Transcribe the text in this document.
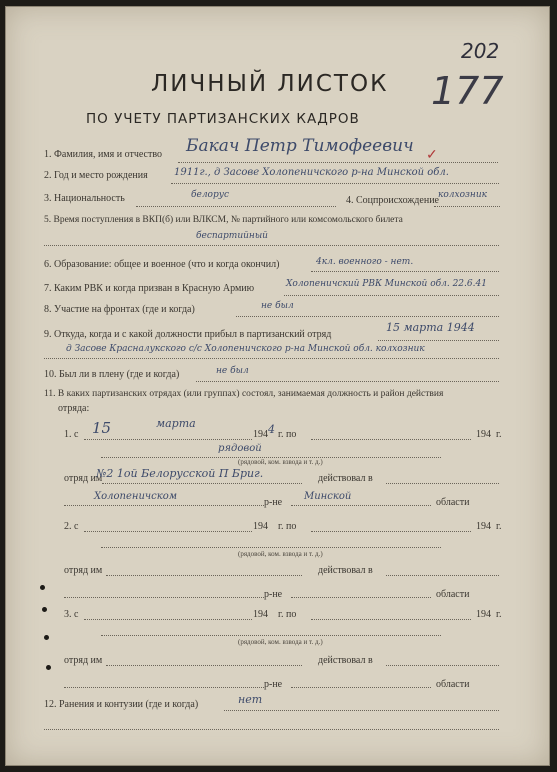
202
177
ЛИЧНЫЙ ЛИСТОК
ПО УЧЕТУ ПАРТИЗАНСКИХ КАДРОВ
1. Фамилия, имя и отчество Бакач Петр Тимофеевич ✓
2. Год и место рождения	1911г., д Засове Холопеничского р-на Минской обл.
3. Национальность	белорус	4. Соцпроисхождение колхозник
5. Время поступления в ВКП(б) или ВЛКСМ, № партийного или комсомольского билета
беспартийный
6. Образование: общее и военное (что и когда окончил)	4кл. военного - нет.
7. Каким РВК и когда призван в Красную Армию	Холопеничский РВК Минской обл. 22.6.41
8. Участие на фронтах (где и когда)	не был
9. Откуда, когда и с какой должности прибыл в партизанский отряд
15 марта 1944
д Засове Красналукского с/с Холопеничского р-на Минской обл. колхозник
10. Был ли в плену (где и когда)	не был
11. В каких партизанских отрядах (или группах) состоял, занимаемая должность и район действия
отряда:
1. с 15	марта
194 4 г. по	194 г.
рядовой
(рядовой, ком. взвода и т. д.)
отряд им
№2 1ой Белорусской П Бриг.	действовал в
Холопеничском
р-не
Минской
области
2. с	194 г. по	194 г.
(рядовой, ком. взвода и т. д.)
отряд им	действовал в
р-не	области
3. с	194 г. по	194 г.
(рядовой, ком. взвода и т. д.)
отряд им	действовал в
р-не	области
12. Ранения и контузии (где и когда)	нет
